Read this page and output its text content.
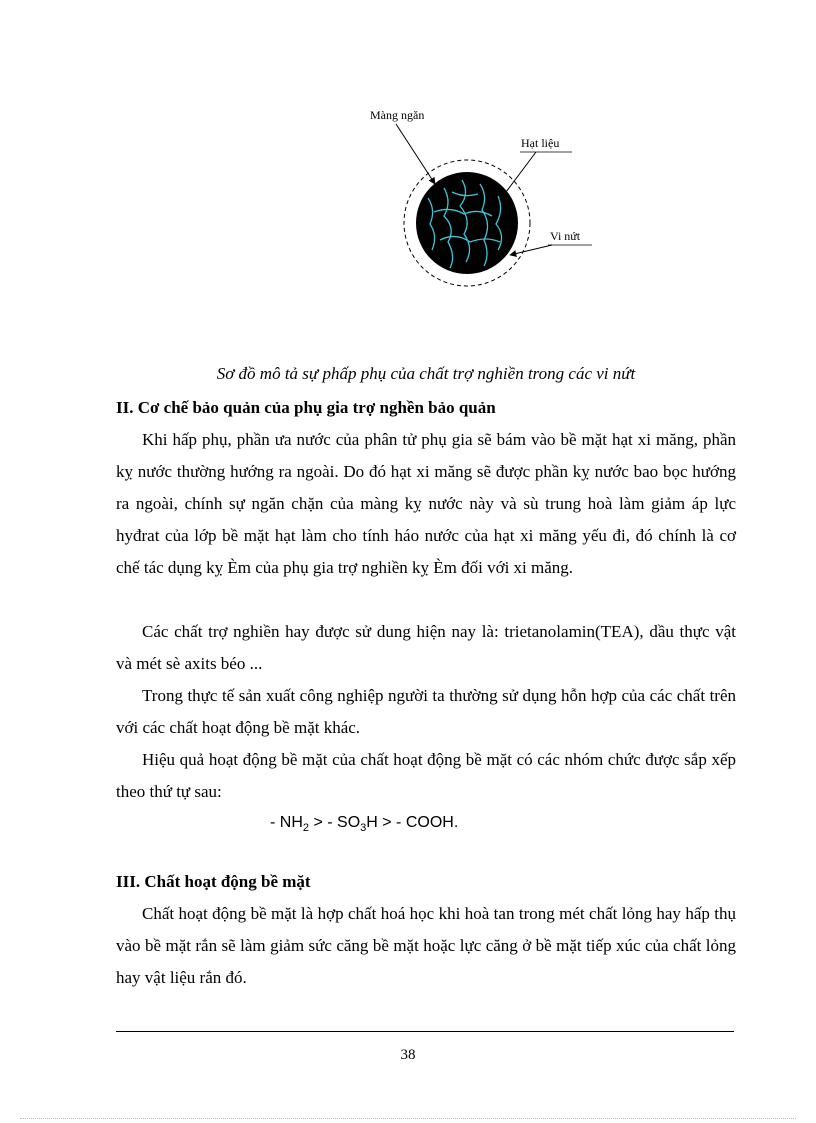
Màng ngăn
Hạt liệu
Vi nứt
Sơ đồ mô tả sự phấp phụ của chất trợ nghiền trong các vi nứt
II. Cơ chế bảo quản của phụ gia trợ nghền bảo quản
Khi hấp phụ, phần ưa nước của phân tử phụ gia sẽ bám vào bề mặt hạt xi măng, phần kỵ nước thường hướng ra ngoài. Do đó hạt xi măng sẽ được phần kỵ nước bao bọc hướng ra ngoài, chính sự ngăn chặn của màng kỵ nước này và sù trung hoà làm giảm áp lực hyđrat của lớp bề mặt hạt làm cho tính háo nước của hạt xi măng yếu đi, đó chính là cơ chế tác dụng kỵ Èm của phụ gia trợ nghiền kỵ Èm đối với xi măng.
Các chất trợ nghiền hay được sử dung hiện nay là: trietanolamin(TEA), dầu thực vật và mét sè axits béo ...
Trong thực tế sản xuất công nghiệp người ta thường sử dụng hỗn hợp của các chất trên với các chất hoạt động bề mặt khác.
Hiệu quả hoạt động bề mặt của chất hoạt động bề mặt có các nhóm chức được sắp xếp theo thứ tự sau:
- $NH_2$ > - $SO_3H$ > - COOH.
III. Chất hoạt động bề mặt
Chất hoạt động bề mặt là hợp chất hoá học khi hoà tan trong mét chất lỏng hay hấp thụ vào bề mặt rắn sẽ làm giảm sức căng bề mặt hoặc lực căng ở bề mặt tiếp xúc của chất lỏng hay vật liệu rắn đó.
38
